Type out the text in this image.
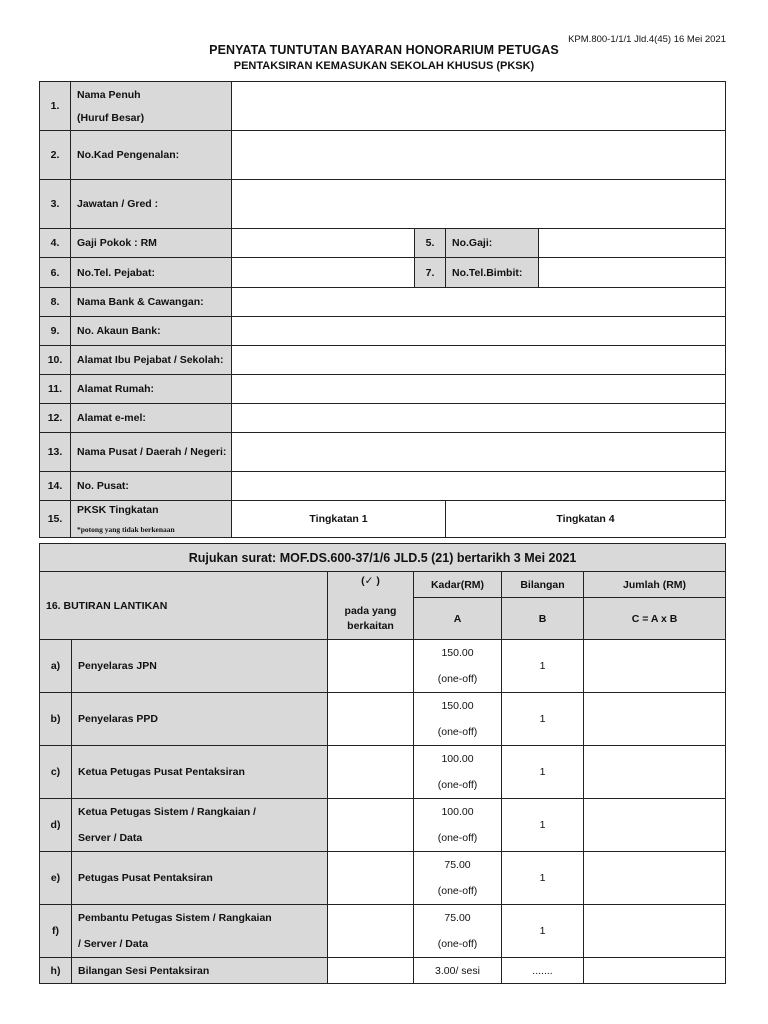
KPM.800-1/1/1 Jld.4(45) 16 Mei 2021
PENYATA TUNTUTAN BAYARAN HONORARIUM PETUGAS
PENTAKSIRAN KEMASUKAN SEKOLAH KHUSUS (PKSK)
1.	Nama Penuh
(Huruf Besar)				

2.	No.Kad Pengenalan:				
3.	Jawatan / Gred :				
4.	Gaji Pokok : RM		5.	No.Gaji:	
6.	No.Tel. Pejabat:		7.	No.Tel.Bimbit:	
8.	Nama Bank & Cawangan:				
9.	No. Akaun Bank:				
10.	Alamat Ibu Pejabat / Sekolah:				
11.	Alamat Rumah:				
12.	Alamat e-mel:				
13.	Nama Pusat / Daerah / Negeri:				
14.	No. Pusat:				
15.	PKSK Tingkatan
*potong yang tidak berkenaan	Tingkatan 1		Tingkatan 4	
Rujukan surat: MOF.DS.600-37/1/6 JLD.5 (21) bertarikh 3 Mei 2021					
16. BUTIRAN LANTIKAN		(✓ )

pada yang berkaitan	Kadar(RM)	Bilangan	Jumlah (RM)
			A	B	C = A x B
a)	Penyelaras JPN		150.00
(one-off)	1	
b)	Penyelaras PPD		150.00
(one-off)	1	
c)	Ketua Petugas Pusat Pentaksiran		100.00
(one-off)	1	
d)	Ketua Petugas Sistem / Rangkaian /
Server / Data		100.00
(one-off)	1	
e)	Petugas Pusat Pentaksiran		75.00
(one-off)	1	
f)	Pembantu Petugas Sistem / Rangkaian
/ Server / Data		75.00
(one-off)	1	
h)	Bilangan Sesi Pentaksiran		3.00/ sesi	.......	
